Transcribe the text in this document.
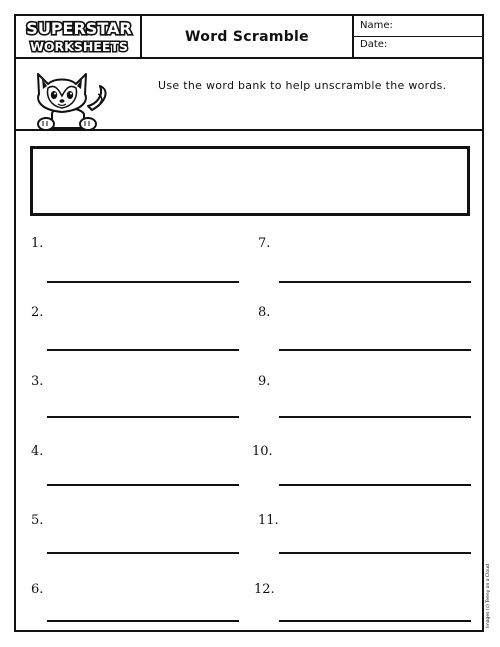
SUPERSTAR
WORKSHEETS
Word Scramble
Name:
Date:
Use the word bank to help unscramble the words.
1.
2.
3.
4.
5.
6.
7.
8.
9.
10.
11.
12.	Images (c) Teeny on a Cloud
